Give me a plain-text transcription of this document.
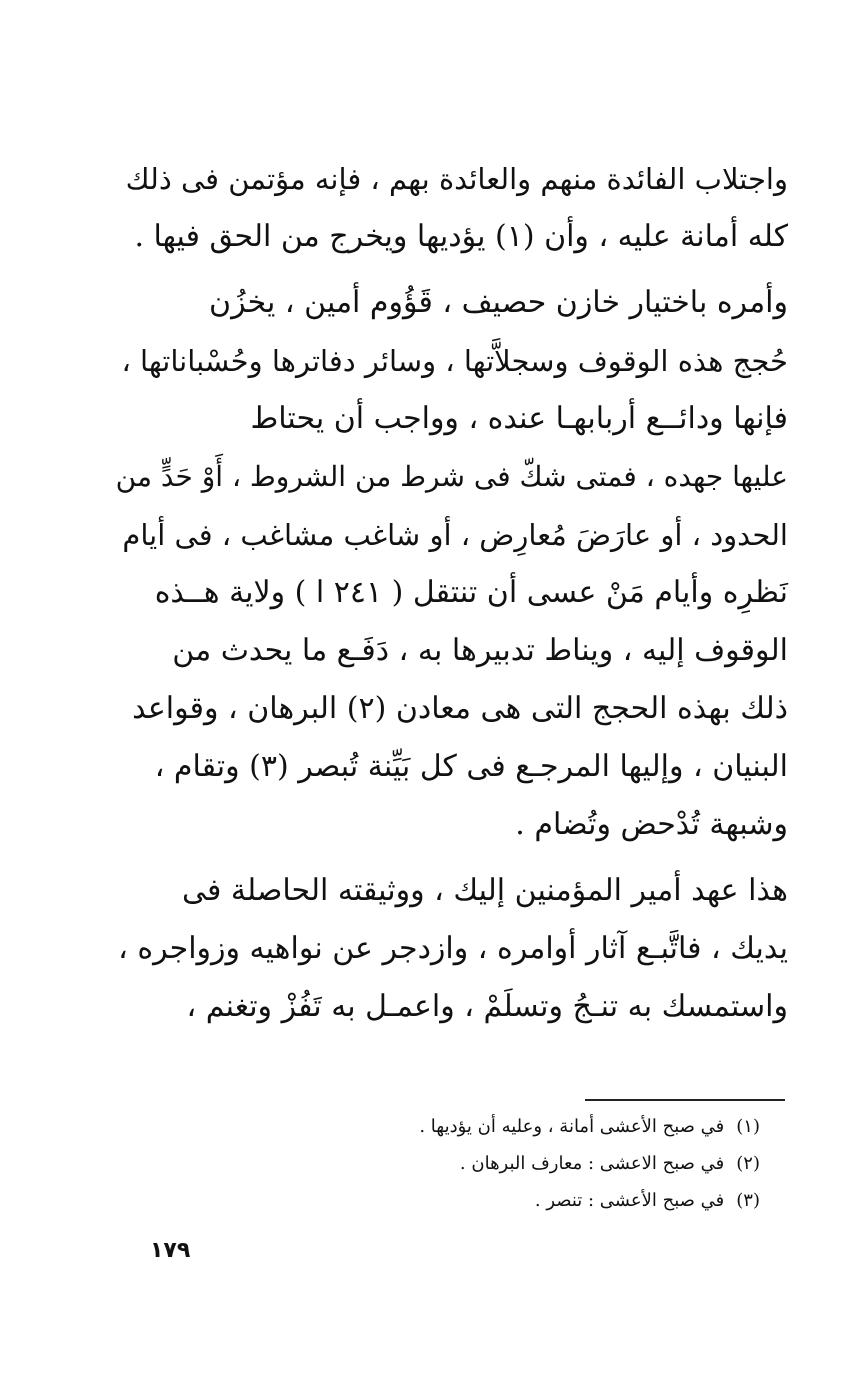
واجتلاب الفائدة منهم والعائدة بهم ، فإنه مؤتمن فى ذلك
كله أمانة عليه ، وأن (١) يؤديها ويخرج من الحق فيها .
وأمره باختيار خازن حصيف ، قَؤُوم أمين ، يخزُن
حُجج هذه الوقوف وسجلاَّتها ، وسائر دفاترها وحُسْباناتها ،
فإنها ودائــع أربابهـا عنده ، وواجب أن يحتاط
عليها جهده ، فمتى شكّ فى شرط من الشروط ، أَوْ حَدٍّ من
الحدود ، أو عارَضَ مُعارِض ، أو شاغب مشاغب ، فى أيام
نَظرِه وأيام مَنْ عسى أن تنتقل ( ٢٤١ ا ) ولاية هــذه
الوقوف إليه ، ويناط تدبيرها به ، دَفَـع ما يحدث من
ذلك بهذه الحجج التى هى معادن (٢) البرهان ، وقواعد
البنيان ، وإليها المرجـع فى كل بَيِّنة تُبصر (٣) وتقام ،
وشبهة تُدْحض وتُضام .
هذا عهد أمير المؤمنين إليك ، ووثيقته الحاصلة فى
يديك ، فاتَّبـع آثار أوامره ، وازدجر عن نواهيه وزواجره ،
واستمسك به تنـجُ وتسلَمْ ، واعمـل به تَفُزْ وتغنم ،
(١)في صبح الأعشى أمانة ، وعليه أن يؤديها .
(٢)في صبح الاعشى : معارف البرهان .
(٣)في صبح الأعشى : تنصر .
١٧٩
